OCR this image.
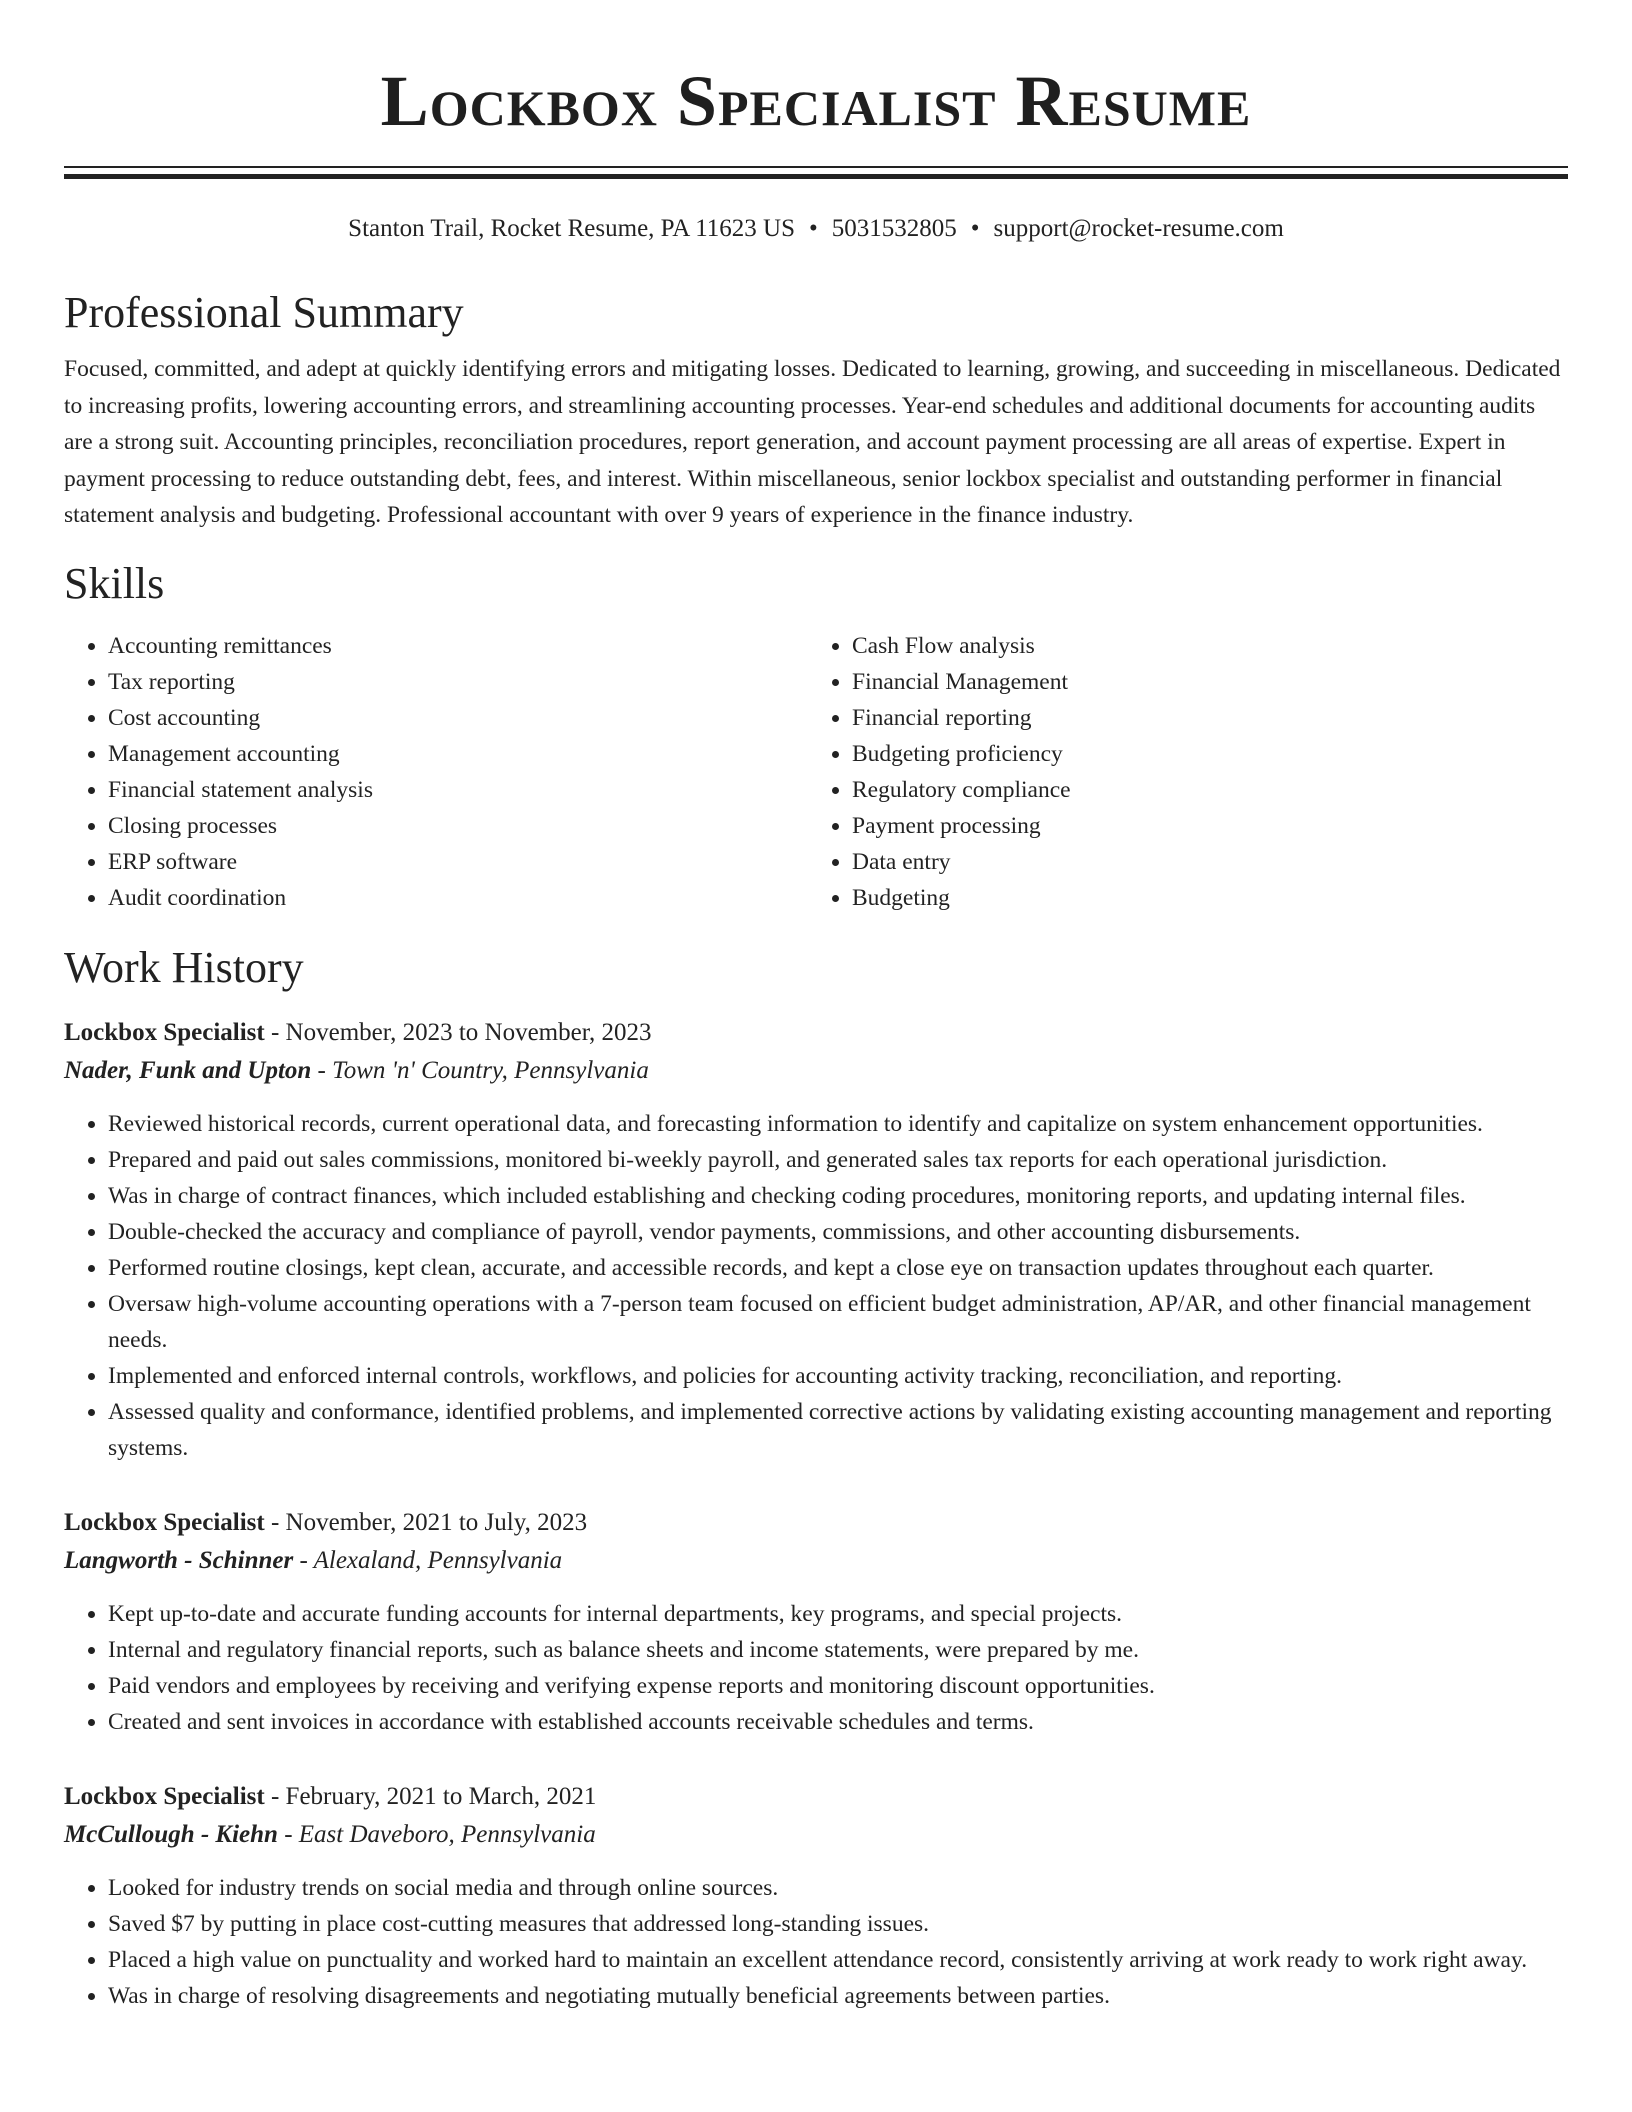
Lockbox Specialist Resume
Stanton Trail, Rocket Resume, PA 11623 US • 5031532805 • support@rocket-resume.com
Professional Summary
Focused, committed, and adept at quickly identifying errors and mitigating losses. Dedicated to learning, growing, and succeeding in miscellaneous. Dedicated to increasing profits, lowering accounting errors, and streamlining accounting processes. Year-end schedules and additional documents for accounting audits are a strong suit. Accounting principles, reconciliation procedures, report generation, and account payment processing are all areas of expertise. Expert in payment processing to reduce outstanding debt, fees, and interest. Within miscellaneous, senior lockbox specialist and outstanding performer in financial statement analysis and budgeting. Professional accountant with over 9 years of experience in the finance industry.
Skills
• Accounting remittances
• Tax reporting
• Cost accounting
• Management accounting
• Financial statement analysis
• Closing processes
• ERP software
• Audit coordination
• Cash Flow analysis
• Financial Management
• Financial reporting
• Budgeting proficiency
• Regulatory compliance
• Payment processing
• Data entry
• Budgeting
Work History
Lockbox Specialist - November, 2023 to November, 2023
Nader, Funk and Upton - Town 'n' Country, Pennsylvania
• Reviewed historical records, current operational data, and forecasting information to identify and capitalize on system enhancement opportunities.
• Prepared and paid out sales commissions, monitored bi-weekly payroll, and generated sales tax reports for each operational jurisdiction.
• Was in charge of contract finances, which included establishing and checking coding procedures, monitoring reports, and updating internal files.
• Double-checked the accuracy and compliance of payroll, vendor payments, commissions, and other accounting disbursements.
• Performed routine closings, kept clean, accurate, and accessible records, and kept a close eye on transaction updates throughout each quarter.
• Oversaw high-volume accounting operations with a 7-person team focused on efficient budget administration, AP/AR, and other financial management needs.
• Implemented and enforced internal controls, workflows, and policies for accounting activity tracking, reconciliation, and reporting.
• Assessed quality and conformance, identified problems, and implemented corrective actions by validating existing accounting management and reporting systems.
Lockbox Specialist - November, 2021 to July, 2023
Langworth - Schinner - Alexaland, Pennsylvania
• Kept up-to-date and accurate funding accounts for internal departments, key programs, and special projects.
• Internal and regulatory financial reports, such as balance sheets and income statements, were prepared by me.
• Paid vendors and employees by receiving and verifying expense reports and monitoring discount opportunities.
• Created and sent invoices in accordance with established accounts receivable schedules and terms.
Lockbox Specialist - February, 2021 to March, 2021
McCullough - Kiehn - East Daveboro, Pennsylvania
• Looked for industry trends on social media and through online sources.
• Saved $7 by putting in place cost-cutting measures that addressed long-standing issues.
• Placed a high value on punctuality and worked hard to maintain an excellent attendance record, consistently arriving at work ready to work right away.
• Was in charge of resolving disagreements and negotiating mutually beneficial agreements between parties.
